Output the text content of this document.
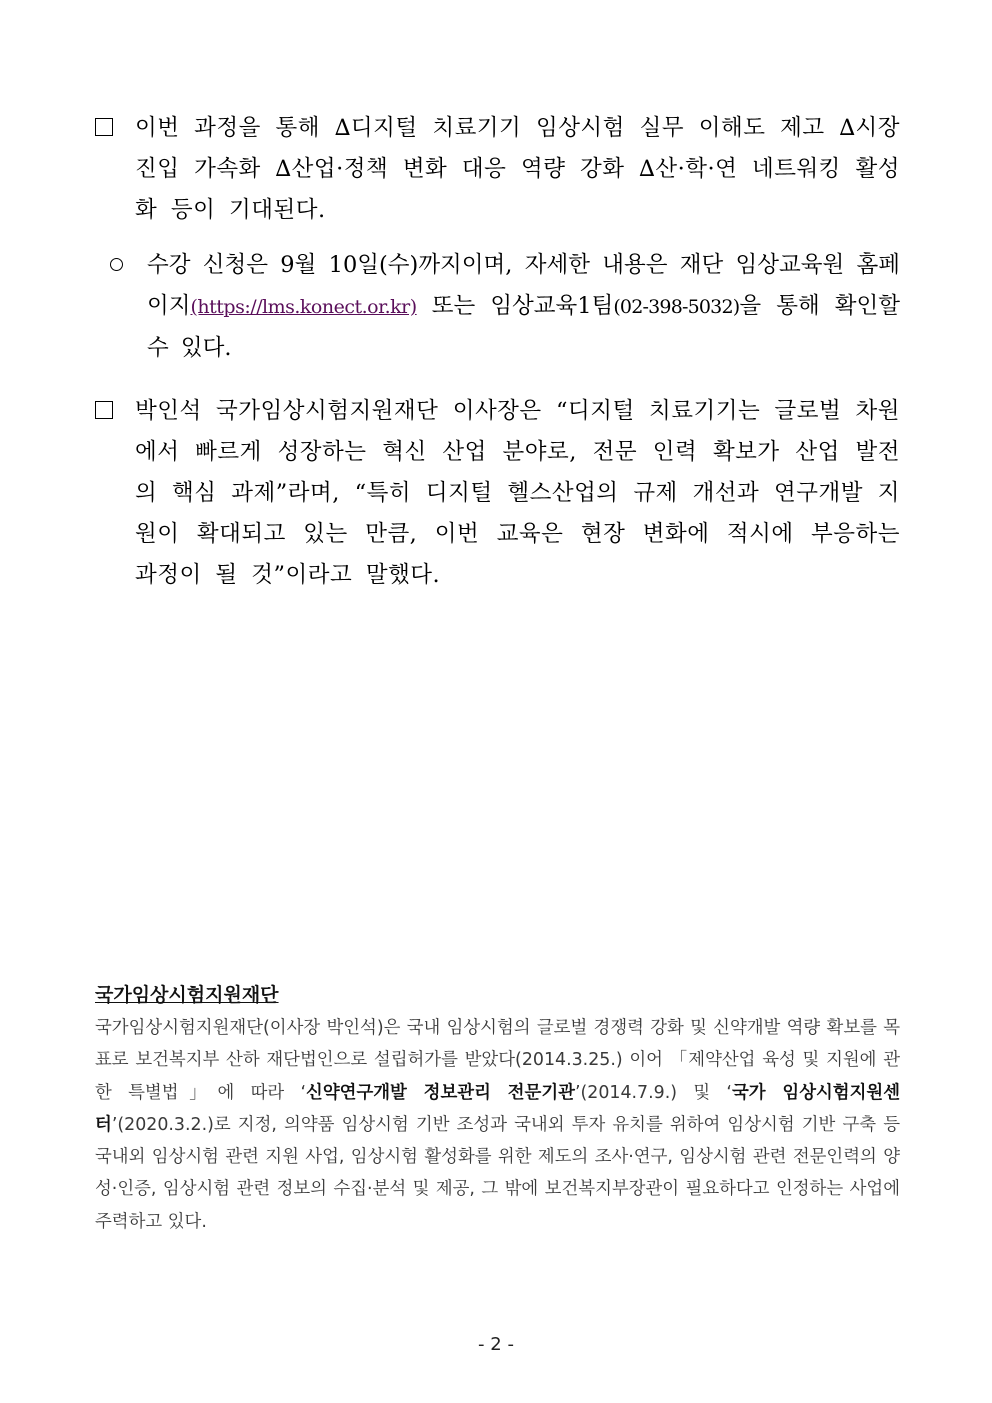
이번 과정을 통해 ∆디지털 치료기기 임상시험 실무 이해도 제고 ∆시장 진입 가속화 ∆산업·정책 변화 대응 역량 강화 ∆산·학·연 네트워킹 활성화 등이 기대된다.
수강 신청은 9월 10일(수)까지이며, 자세한 내용은 재단 임상교육원 홈페이지(https://lms.konect.or.kr) 또는 임상교육1팀(02-398-5032)을 통해 확인할 수 있다.
박인석 국가임상시험지원재단 이사장은 “디지털 치료기기는 글로벌 차원에서 빠르게 성장하는 혁신 산업 분야로, 전문 인력 확보가 산업 발전의 핵심 과제”라며, “특히 디지털 헬스산업의 규제 개선과 연구개발 지원이 확대되고 있는 만큼, 이번 교육은 현장 변화에 적시에 부응하는 과정이 될 것”이라고 말했다.
국가임상시험지원재단
국가임상시험지원재단(이사장 박인석)은 국내 임상시험의 글로벌 경쟁력 강화 및 신약개발 역량 확보를 목표로 보건복지부 산하 재단법인으로 설립허가를 받았다(2014.3.25.) 이어 「제약산업 육성 및 지원에 관한 특별법」에 따라 ‘신약연구개발 정보관리 전문기관’(2014.7.9.) 및 ‘국가 임상시험지원센터’(2020.3.2.)로 지정, 의약품 임상시험 기반 조성과 국내외 투자 유치를 위하여 임상시험 기반 구축 등 국내외 임상시험 관련 지원 사업, 임상시험 활성화를 위한 제도의 조사·연구, 임상시험 관련 전문인력의 양성·인증, 임상시험 관련 정보의 수집·분석 및 제공, 그 밖에 보건복지부장관이 필요하다고 인정하는 사업에 주력하고 있다.
- 2 -
